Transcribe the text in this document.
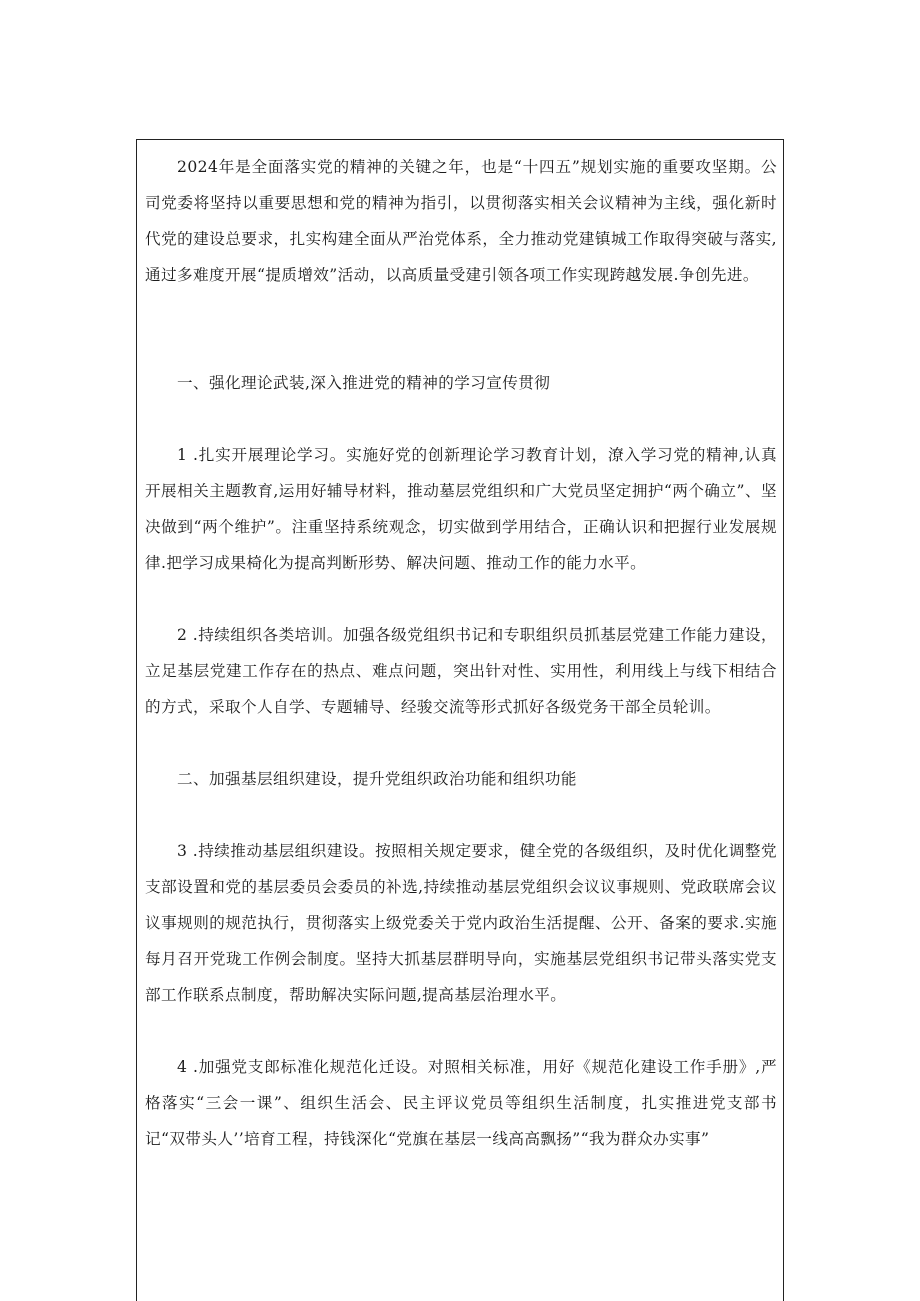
2024年是全面落实党的精神的关键之年，也是“十四五”规划实施的重要攻坚期。公司党委将坚持以重要思想和党的精神为指引，以贯彻落实相关会议精神为主线，强化新时代党的建设总要求，扎实构建全面从严治党体系，全力推动党建镇城工作取得突破与落实,通过多难度开展“提质增效”活动，以高质量受建引领各项工作实现跨越发展.争创先进。

一、强化理论武装,深入推进党的精神的学习宣传贯彻

1 .扎实开展理论学习。实施好党的创新理论学习教育计划，潦入学习党的精神,认真开展相关主题教育,运用好辅导材料，推动墓层党组织和广大党员坚定拥护“两个确立”、坚决做到“两个维护”。注重坚持系统观念，切实做到学用结合，正确认识和把握行业发展规律.把学习成果椅化为提高判断形势、解决问题、推动工作的能力水平。

2 .持续组织各类培训。加强各级党组织书记和专职组织员抓基层党建工作能力建设，立足基层党建工作存在的热点、难点问题，突出针对性、实用性，利用线上与线下相结合的方式，采取个人自学、专题辅导、经骏交流等形式抓好各级党务干部全员轮训。

二、加强基层组织建设，提升党组织政治功能和组织功能

3 .持续推动基层组织建设。按照相关规定要求，健全党的各级组织，及时优化调整党支部设置和党的基层委员会委员的补选,持续推动基层党组织会议议事规则、党政联席会议议事规则的规范执行，贯彻落实上级党委关于党内政治生活提醒、公开、备案的要求.实施每月召开党珑工作例会制度。坚持大抓基层群明导向，实施基层党组织书记带头落实党支部工作联系点制度，帮助解决实际问题,提高基层治理水平。

4 .加强党支郎标准化规范化迁设。对照相关标准，用好《规范化建设工作手册》,严格落实“三会一课”、组织生活会、民主评议党员等组织生活制度，扎实推进党支部书记“双带头人’’培育工程，持钱深化“党旗在基层一线高高飘扬”“我为群众办实事”
